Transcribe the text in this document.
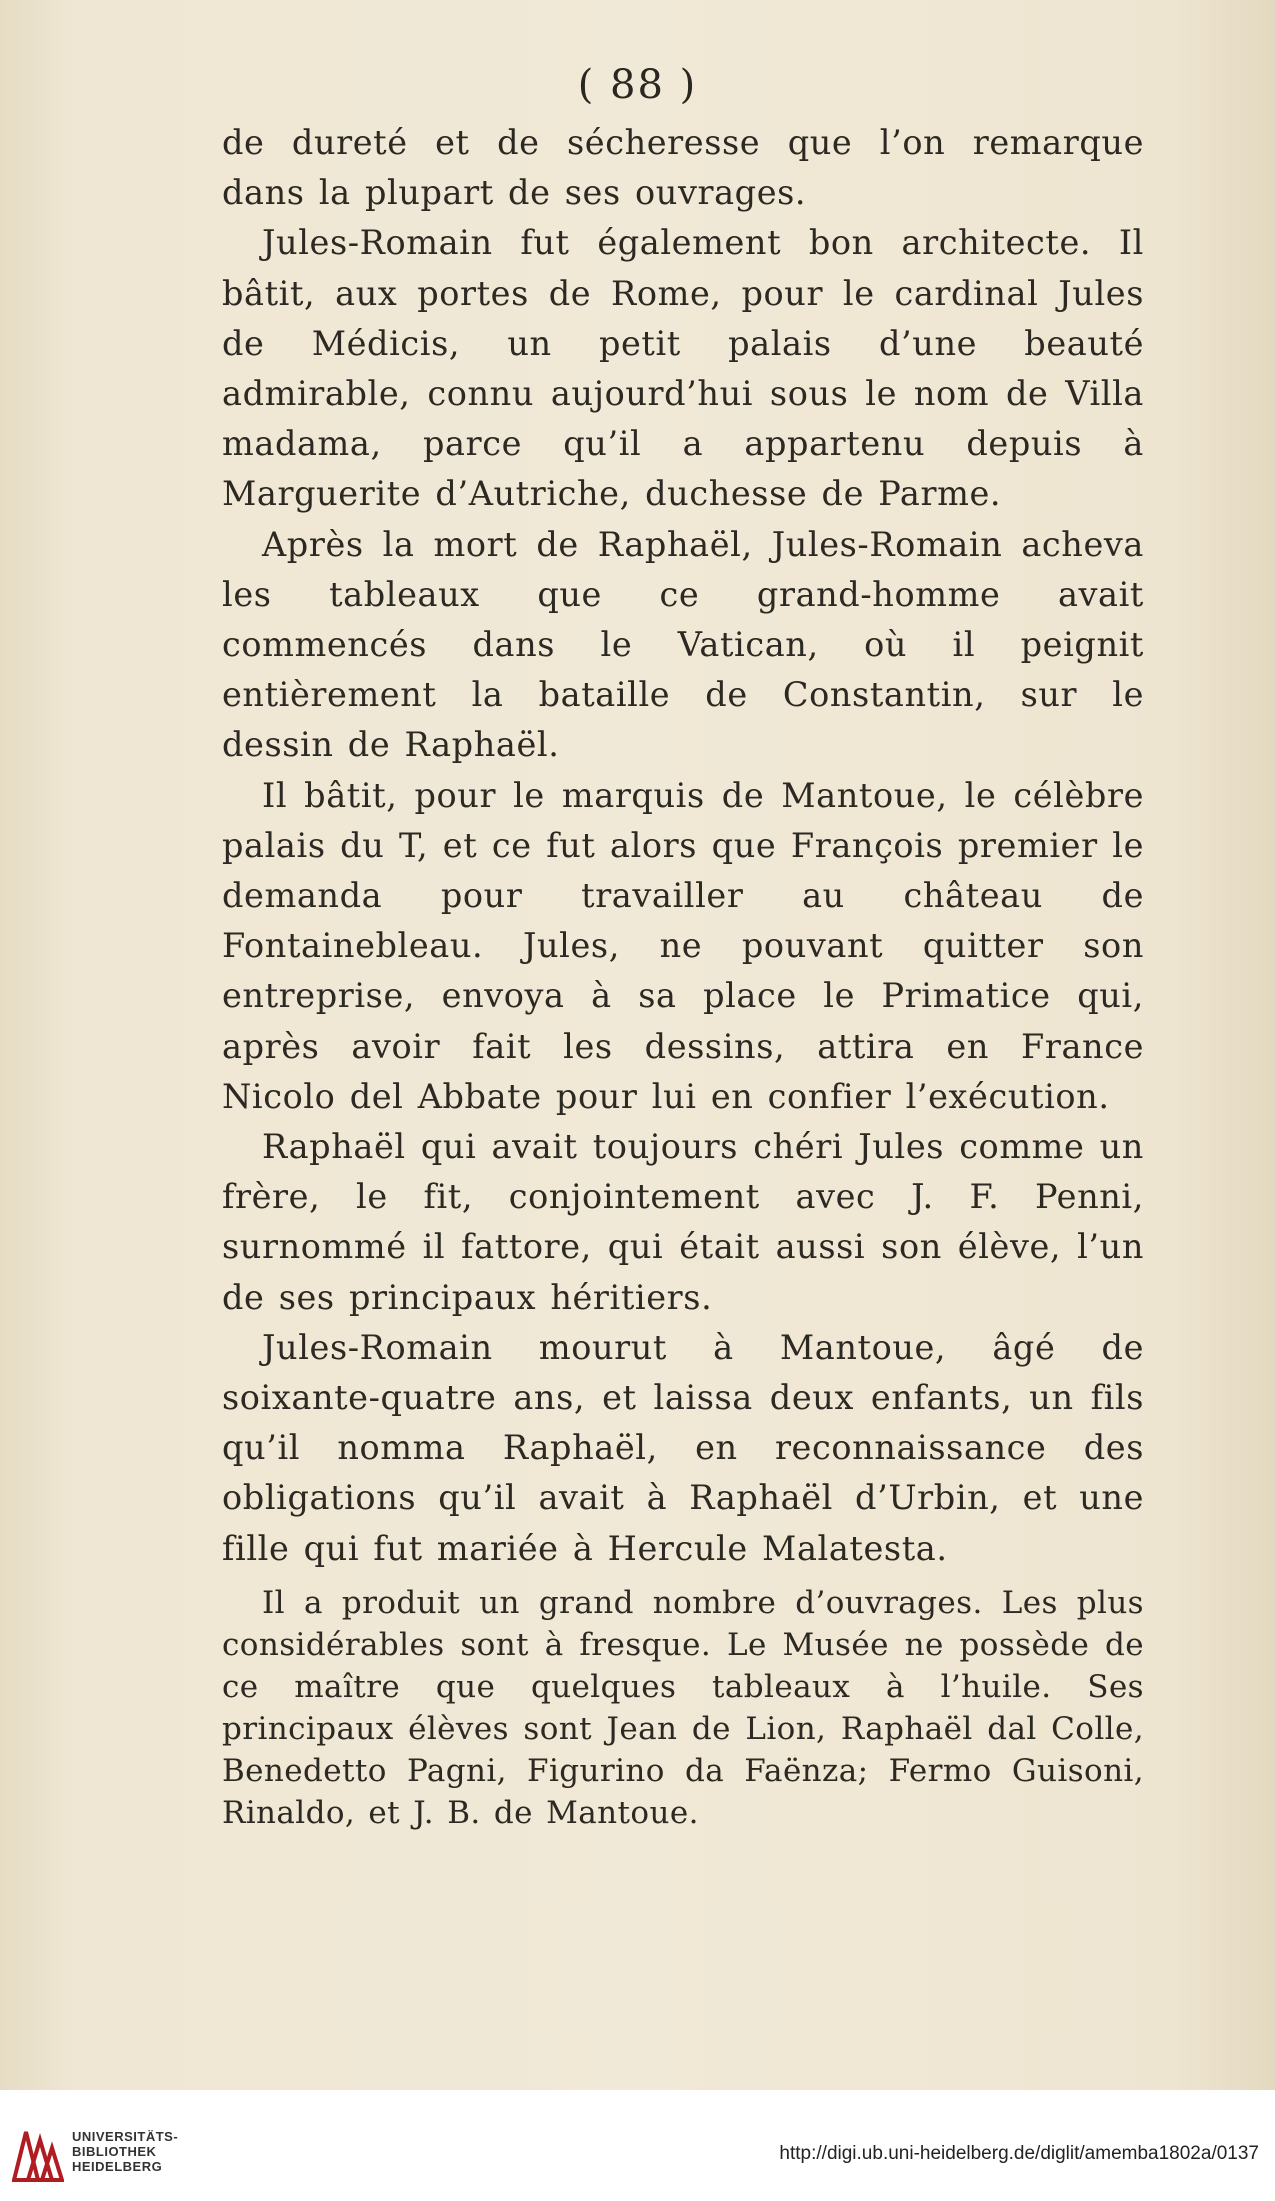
( 88 )

de dureté et de sécheresse que l’on remarque dans la plupart de ses ouvrages.

Jules-Romain fut également bon architecte. Il bâtit, aux portes de Rome, pour le cardinal Jules de Médicis, un petit palais d’une beauté admirable, connu aujourd’hui sous le nom de Villa madama, parce qu’il a appartenu depuis à Marguerite d’Autriche, duchesse de Parme.

Après la mort de Raphaël, Jules-Romain acheva les tableaux que ce grand-homme avait commencés dans le Vatican, où il peignit entièrement la bataille de Constantin, sur le dessin de Raphaël.

Il bâtit, pour le marquis de Mantoue, le célèbre palais du T, et ce fut alors que François premier le demanda pour travailler au château de Fontainebleau. Jules, ne pouvant quitter son entreprise, envoya à sa place le Primatice qui, après avoir fait les dessins, attira en France Nicolo del Abbate pour lui en confier l’exécution.

Raphaël qui avait toujours chéri Jules comme un frère, le fit, conjointement avec J. F. Penni, surnommé il fattore, qui était aussi son élève, l’un de ses principaux héritiers.

Jules-Romain mourut à Mantoue, âgé de soixante-quatre ans, et laissa deux enfants, un fils qu’il nomma Raphaël, en reconnaissance des obligations qu’il avait à Raphaël d’Urbin, et une fille qui fut mariée à Hercule Malatesta.

Il a produit un grand nombre d’ouvrages. Les plus considérables sont à fresque. Le Musée ne possède de ce maître que quelques tableaux à l’huile. Ses principaux élèves sont Jean de Lion, Raphaël dal Colle, Benedetto Pagni, Figurino da Faënza; Fermo Guisoni, Rinaldo, et J. B. de Mantoue.

UNIVERSITÄTS-
BIBLIOTHEK
HEIDELBERG
http://digi.ub.uni-heidelberg.de/diglit/amemba1802a/0137
